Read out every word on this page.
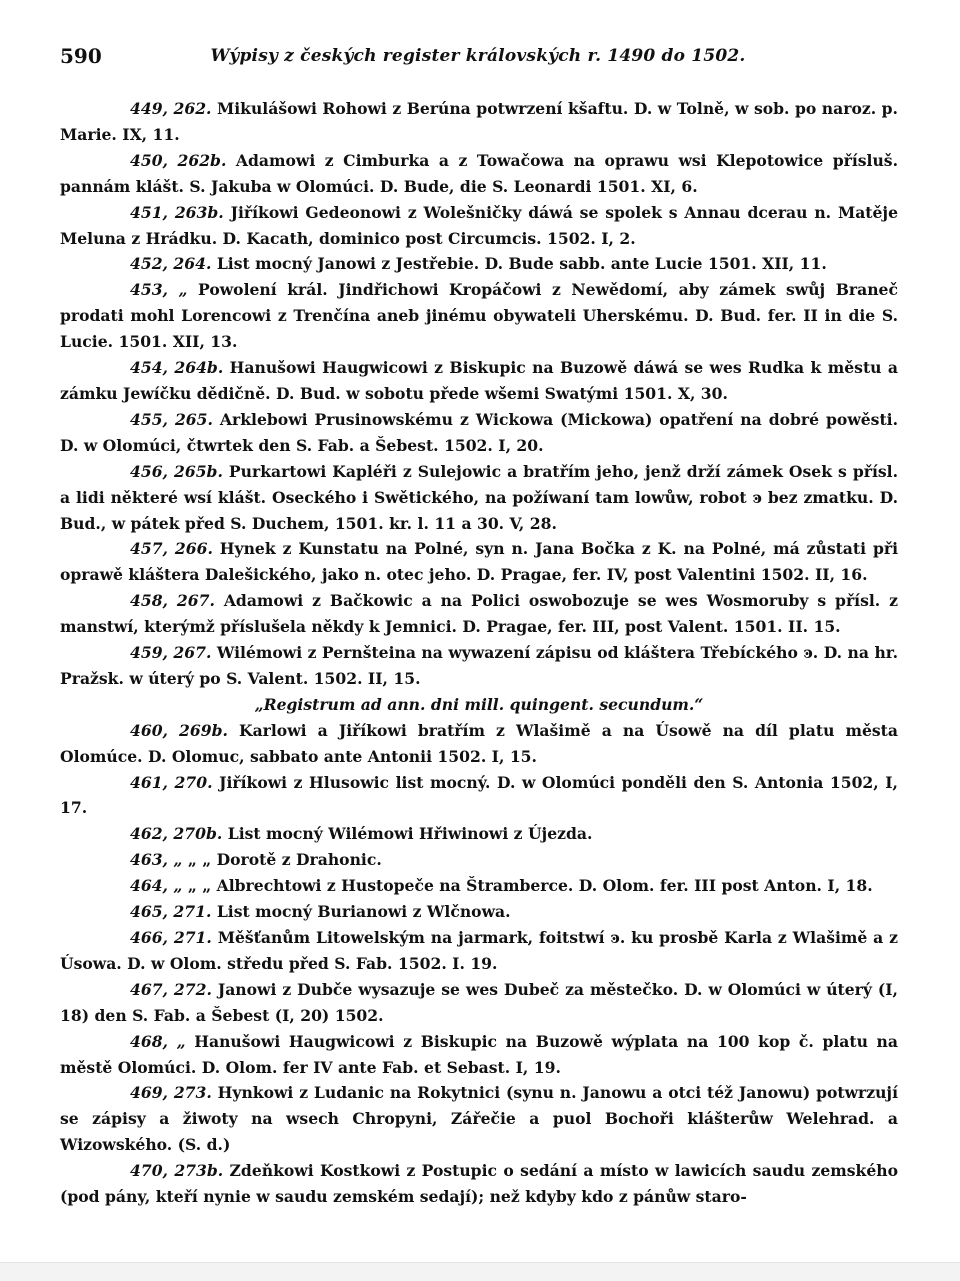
590	Wýpisy z českých register královských r. 1490 do 1502.

449, 262. Mikulášowi Rohowi z Berúna potwrzení kšaftu. D. w Tolně, w sob. po naroz. p. Marie. IX, 11.

450, 262b. Adamowi z Cimburka a z Towačowa na oprawu wsi Klepotowice přísluš. pannám klášt. S. Jakuba w Olomúci. D. Bude, die S. Leonardi 1501. XI, 6.

451, 263b. Jiříkowi Gedeonowi z Wolešničky dáwá se spolek s Annau dcerau n. Matěje Meluna z Hrádku. D. Kacath, dominico post Circumcis. 1502. I, 2.

452, 264. List mocný Janowi z Jestřebie. D. Bude sabb. ante Lucie 1501. XII, 11.

453, „ Powolení král. Jindřichowi Kropáčowi z Newědomí, aby zámek swůj Braneč prodati mohl Lorencowi z Trenčína aneb jinému obywateli Uherskému. D. Bud. fer. II in die S. Lucie. 1501. XII, 13.

454, 264b. Hanušowi Haugwicowi z Biskupic na Buzowě dáwá se wes Rudka k městu a zámku Jewíčku dědičně. D. Bud. w sobotu přede wšemi Swatými 1501. X, 30.

455, 265. Arklebowi Prusinowskému z Wickowa (Mickowa) opatření na dobré powěsti. D. w Olomúci, čtwrtek den S. Fab. a Šebest. 1502. I, 20.

456, 265b. Purkartowi Kapléři z Sulejowic a bratřím jeho, jenž drží zámek Osek s přísl. a lidi některé wsí klášt. Oseckého i Swětického, na požíwaní tam lowůw, robot ꜿ bez zmatku. D. Bud., w pátek před S. Duchem, 1501. kr. l. 11 a 30. V, 28.

457, 266. Hynek z Kunstatu na Polné, syn n. Jana Bočka z K. na Polné, má zůstati při oprawě kláštera Dalešického, jako n. otec jeho. D. Pragae, fer. IV, post Valentini 1502. II, 16.

458, 267. Adamowi z Bačkowic a na Polici oswobozuje se wes Wosmoruby s přísl. z manstwí, kterýmž příslušela někdy k Jemnici. D. Pragae, fer. III, post Valent. 1501. II. 15.

459, 267. Wilémowi z Pernšteina na wywazení zápisu od kláštera Třebíckého ꜿ. D. na hr. Pražsk. w úterý po S. Valent. 1502. II, 15.

„Registrum ad ann. dni mill. quingent. secundum.“

460, 269b. Karlowi a Jiříkowi bratřím z Wlašimě a na Úsowě na díl platu města Olomúce. D. Olomuc, sabbato ante Antonii 1502. I, 15.

461, 270. Jiříkowi z Hlusowic list mocný. D. w Olomúci ponděli den S. Antonia 1502, I, 17.

462, 270b. List mocný Wilémowi Hřiwinowi z Újezda.

463, „ „ „ Dorotě z Drahonic.

464, „ „ „ Albrechtowi z Hustopeče na Štramberce. D. Olom. fer. III post Anton. I, 18.

465, 271. List mocný Burianowi z Wlčnowa.

466, 271. Měšťanům Litowelským na jarmark, foitstwí ꜿ. ku prosbě Karla z Wlašimě a z Úsowa. D. w Olom. středu před S. Fab. 1502. I. 19.

467, 272. Janowi z Dubče wysazuje se wes Dubeč za městečko. D. w Olomúci w úterý (I, 18) den S. Fab. a Šebest (I, 20) 1502.

468, „ Hanušowi Haugwicowi z Biskupic na Buzowě wýplata na 100 kop č. platu na městě Olomúci. D. Olom. fer IV ante Fab. et Sebast. I, 19.

469, 273. Hynkowi z Ludanic na Rokytnici (synu n. Janowu a otci též Janowu) potwrzují se zápisy a žiwoty na wsech Chropyni, Zářečie a puol Bochoři klášterůw Welehrad. a Wizowského. (S. d.)

470, 273b. Zdeňkowi Kostkowi z Postupic o sedání a místo w lawicích saudu zemského (pod pány, kteří nynie w saudu zemském sedají); než kdyby kdo z pánůw staro-
